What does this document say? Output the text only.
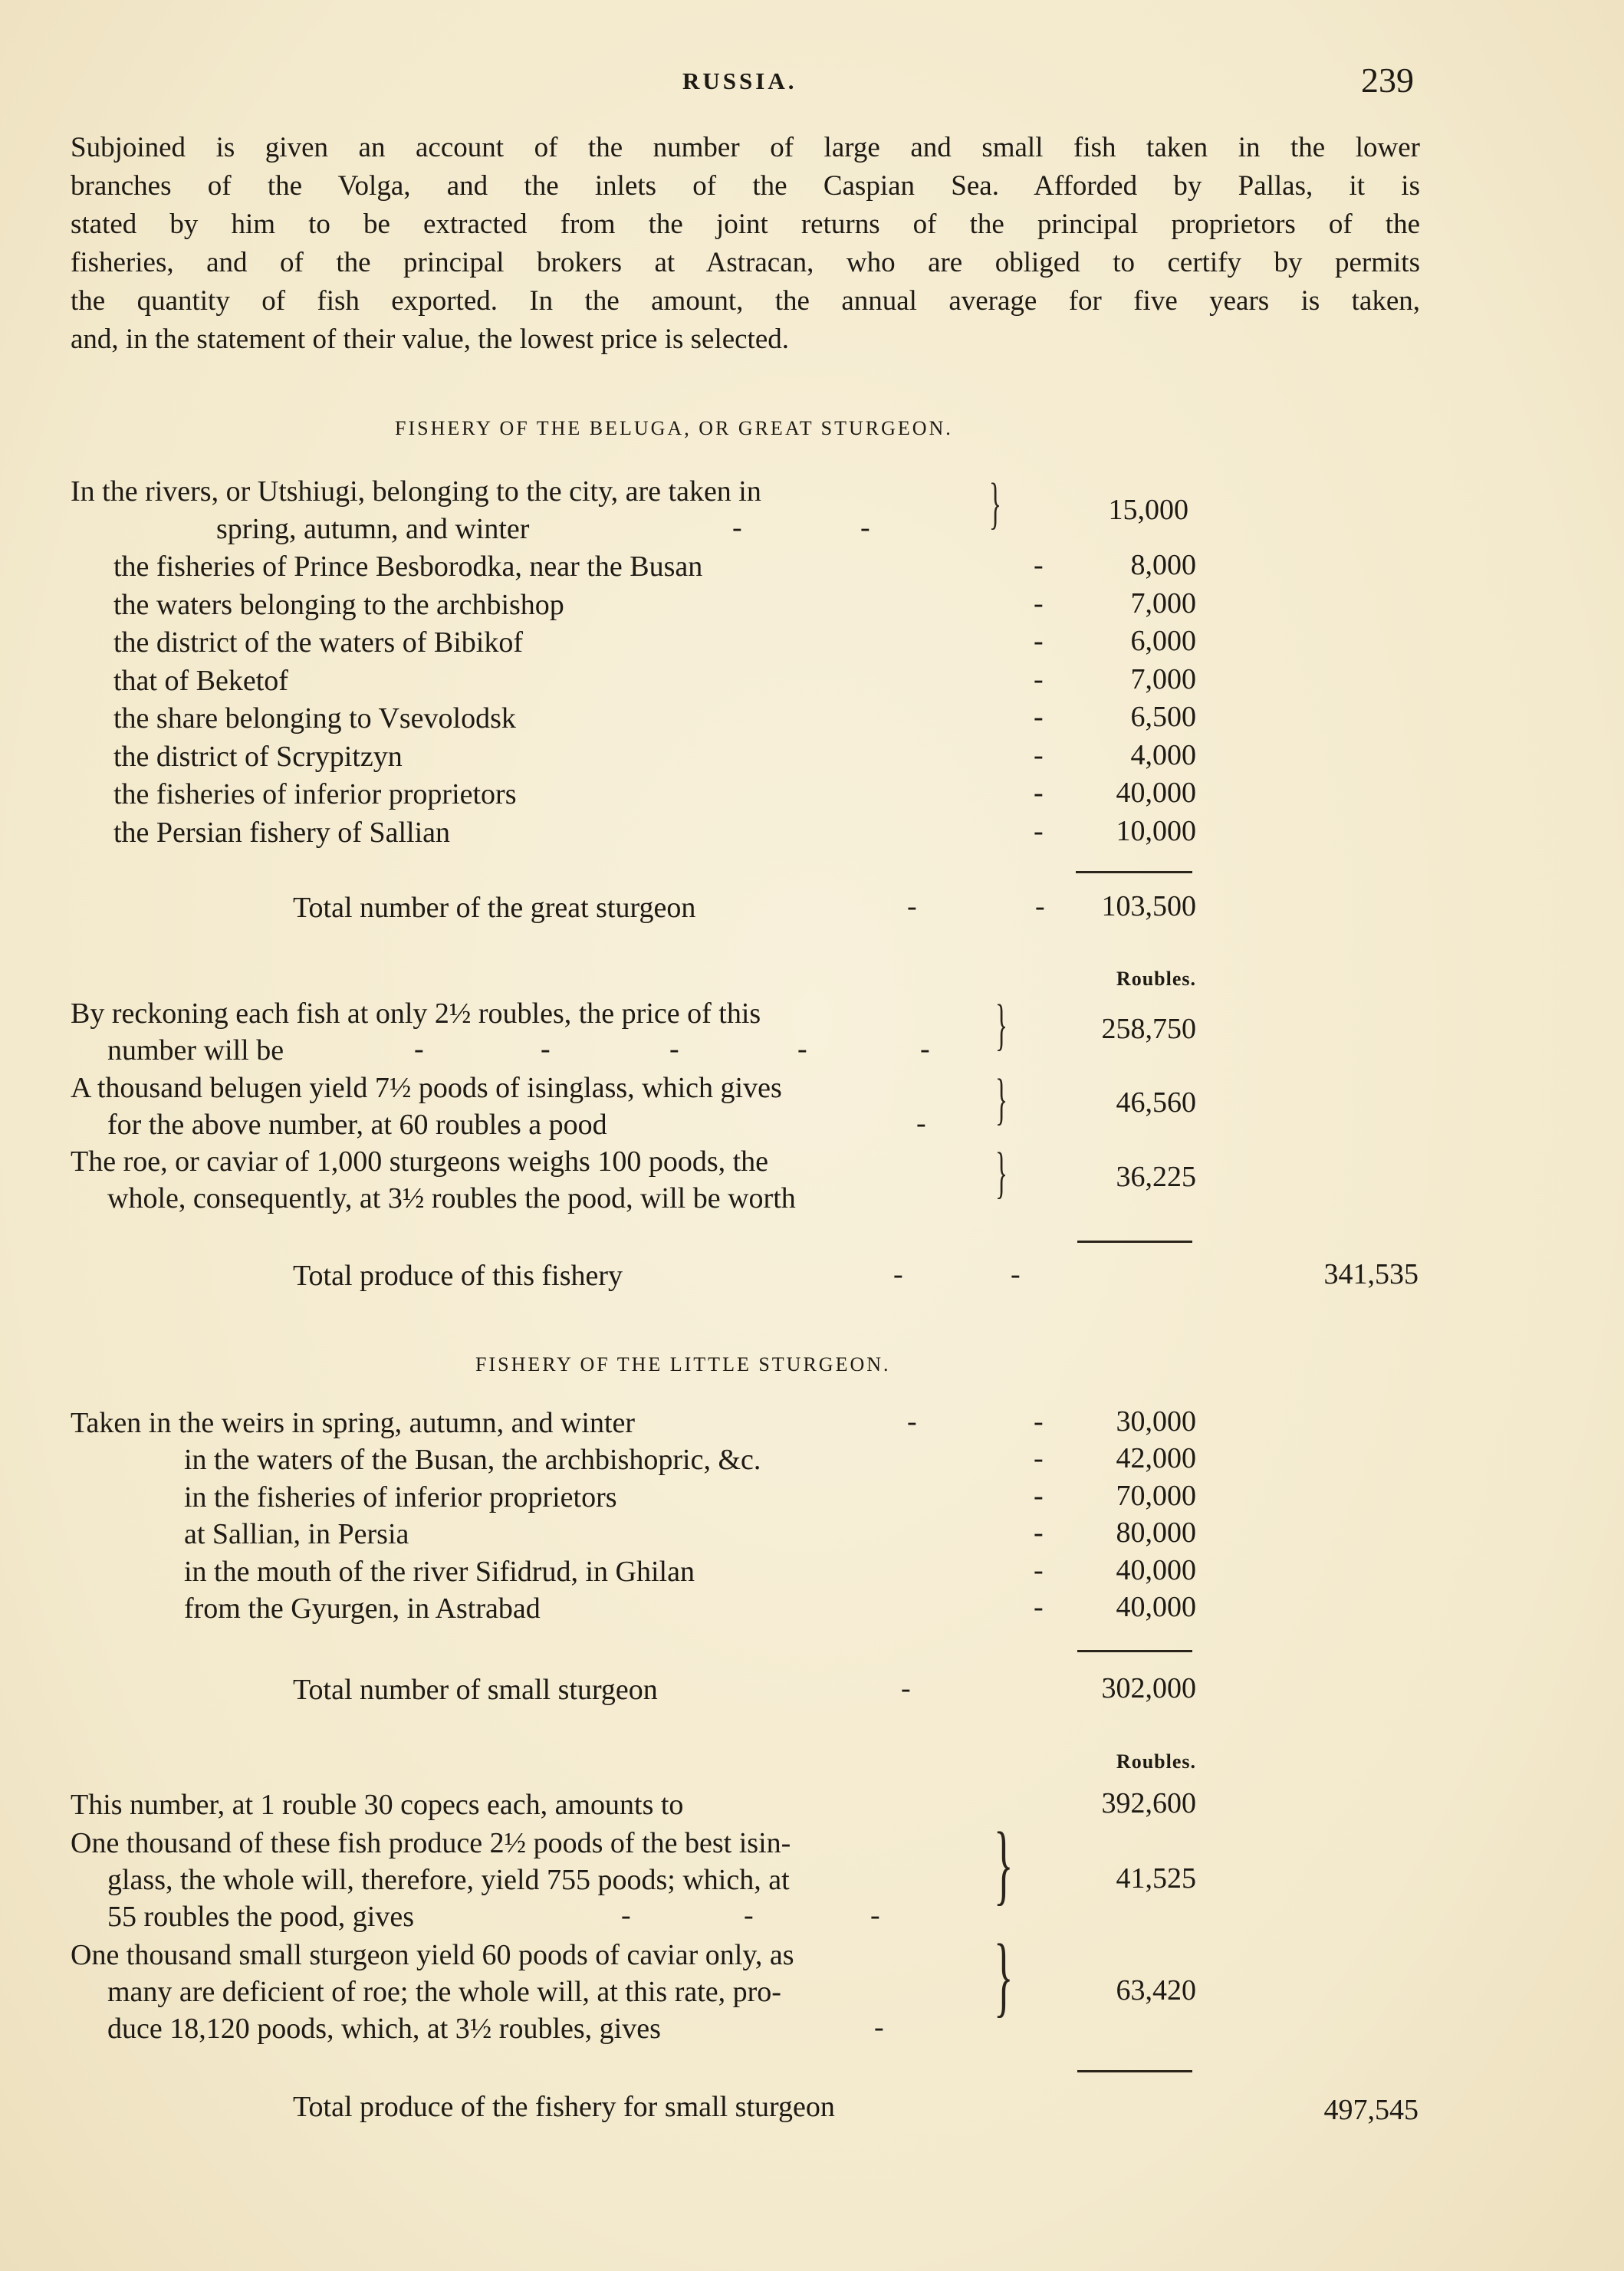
RUSSIA.	239
Subjoined is given an account of the number of large and small fish taken in the lower
branches of the Volga, and the inlets of the Caspian Sea. Afforded by Pallas, it is
stated by him to be extracted from the joint returns of the principal proprietors of the
fisheries, and of the principal brokers at Astracan, who are obliged to certify by permits
the quantity of fish exported. In the amount, the annual average for five years is taken,
and, in the statement of their value, the lowest price is selected.
FISHERY OF THE BELUGA, OR GREAT STURGEON.
In the rivers, or Utshiugi, belonging to the city, are taken in
spring, autumn, and winter	-	- }	15,000
the fisheries of Prince Besborodka, near the Busan	-	8,000
the waters belonging to the archbishop	-	7,000
the district of the waters of Bibikof	-	6,000
that of Beketof	-	7,000
the share belonging to Vsevolodsk	-	6,500
the district of Scrypitzyn	-	4,000
the fisheries of inferior proprietors	-	40,000
the Persian fishery of Sallian	-	10,000
Total number of the great sturgeon	-	-	103,500
Roubles.
By reckoning each fish at only 2½ roubles, the price of this
number will be	-	-	-	-	- }	258,750
A thousand belugen yield 7½ poods of isinglass, which gives
for the above number, at 60 roubles a pood	- }	46,560
The roe, or caviar of 1,000 sturgeons weighs 100 poods, the
whole, consequently, at 3½ roubles the pood, will be worth	}	36,225
Total produce of this fishery	-	-	341,535
FISHERY OF THE LITTLE STURGEON.
Taken in the weirs in spring, autumn, and winter	-	-	30,000
in the waters of the Busan, the archbishopric, &c.	-	42,000
in the fisheries of inferior proprietors	-	70,000
at Sallian, in Persia	-	80,000
in the mouth of the river Sifidrud, in Ghilan	-	40,000
from the Gyurgen, in Astrabad	-	40,000
Total number of small sturgeon	-	302,000
Roubles.
This number, at 1 rouble 30 copecs each, amounts to	392,600
One thousand of these fish produce 2½ poods of the best isin-
glass, the whole will, therefore, yield 755 poods; which, at
55 roubles the pood, gives	-	-	-
}	41,525
One thousand small sturgeon yield 60 poods of caviar only, as
many are deficient of roe; the whole will, at this rate, pro-
duce 18,120 poods, which, at 3½ roubles, gives	-
}	63,420
Total produce of the fishery for small sturgeon	497,545
